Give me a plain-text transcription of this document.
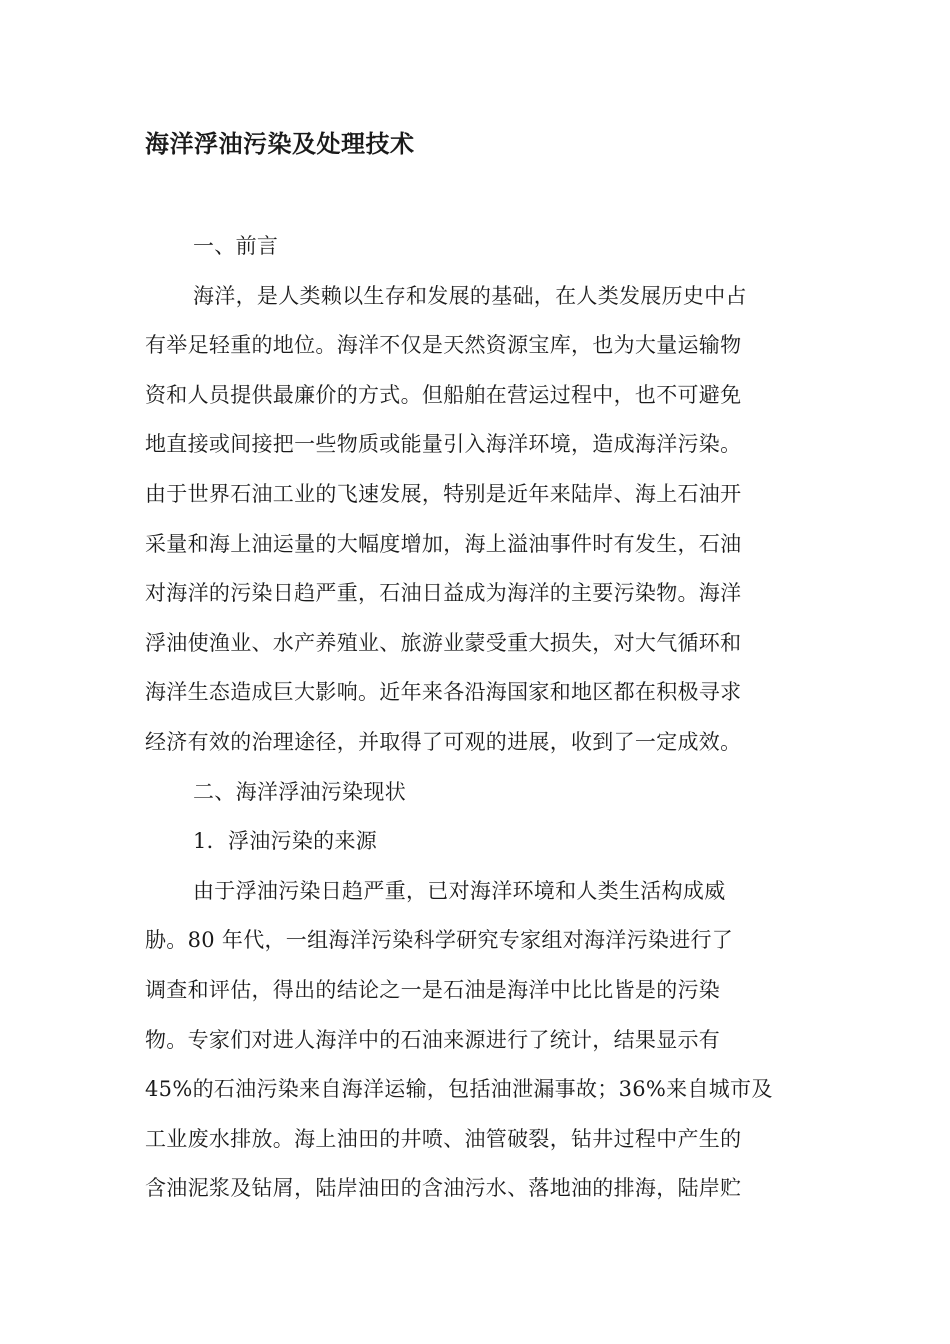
海洋浮油污染及处理技术
一、前言
海洋，是人类赖以生存和发展的基础，在人类发展历史中占
有举足轻重的地位。海洋不仅是天然资源宝库，也为大量运输物
资和人员提供最廉价的方式。但船舶在营运过程中，也不可避免
地直接或间接把一些物质或能量引入海洋环境，造成海洋污染。
由于世界石油工业的飞速发展，特别是近年来陆岸、海上石油开
采量和海上油运量的大幅度增加，海上溢油事件时有发生，石油
对海洋的污染日趋严重，石油日益成为海洋的主要污染物。海洋
浮油使渔业、水产养殖业、旅游业蒙受重大损失，对大气循环和
海洋生态造成巨大影响。近年来各沿海国家和地区都在积极寻求
经济有效的治理途径，并取得了可观的进展，收到了一定成效。
二、海洋浮油污染现状
1．浮油污染的来源
由于浮油污染日趋严重，已对海洋环境和人类生活构成威
胁。80 年代，一组海洋污染科学研究专家组对海洋污染进行了
调查和评估，得出的结论之一是石油是海洋中比比皆是的污染
物。专家们对进人海洋中的石油来源进行了统计，结果显示有
45%的石油污染来自海洋运输，包括油泄漏事故；36%来自城市及
工业废水排放。海上油田的井喷、油管破裂，钻井过程中产生的
含油泥浆及钻屑，陆岸油田的含油污水、落地油的排海，陆岸贮
